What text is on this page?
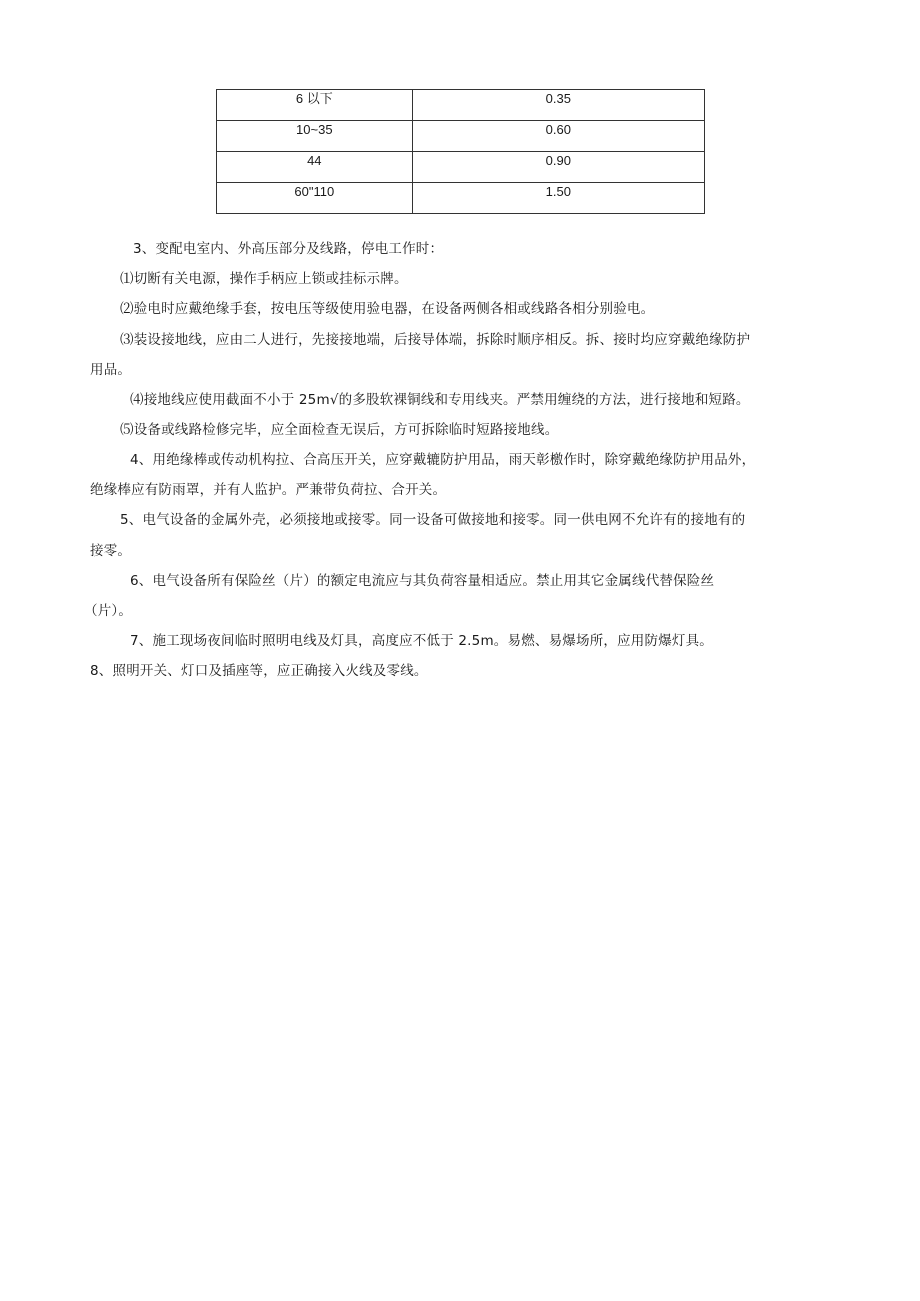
6 以下	0.35
10~35	0.60
44	0.90
60"110	1.50
3、变配电室内、外高压部分及线路，停电工作时：
⑴切断有关电源，操作手柄应上锁或挂标示牌。
⑵验电时应戴绝缘手套，按电压等级使用验电器，在设备两侧各相或线路各相分别验电。
⑶装设接地线，应由二人进行，先接接地端，后接导体端，拆除时顺序相反。拆、接时均应穿戴绝缘防护
用品。
⑷接地线应使用截面不小于 25m√的多股软裸铜线和专用线夹。严禁用缠绕的方法，进行接地和短路。
⑸设备或线路检修完毕，应全面检查无误后，方可拆除临时短路接地线。
4、用绝缘棒或传动机构拉、合高压开关，应穿戴辘防护用品，雨天彰檄作时，除穿戴绝缘防护用品外，
绝缘棒应有防雨罩，并有人监护。严兼带负荷拉、合开关。
5、电气设备的金属外壳，必须接地或接零。同一设备可做接地和接零。同一供电网不允许有的接地有的
接零。
6、电气设备所有保险丝（片）的额定电流应与其负荷容量相适应。禁止用其它金属线代替保险丝
（片）。
7、施工现场夜间临时照明电线及灯具，高度应不低于 2.5m。易燃、易爆场所，应用防爆灯具。
8、照明开关、灯口及插座等，应正确接入火线及零线。
